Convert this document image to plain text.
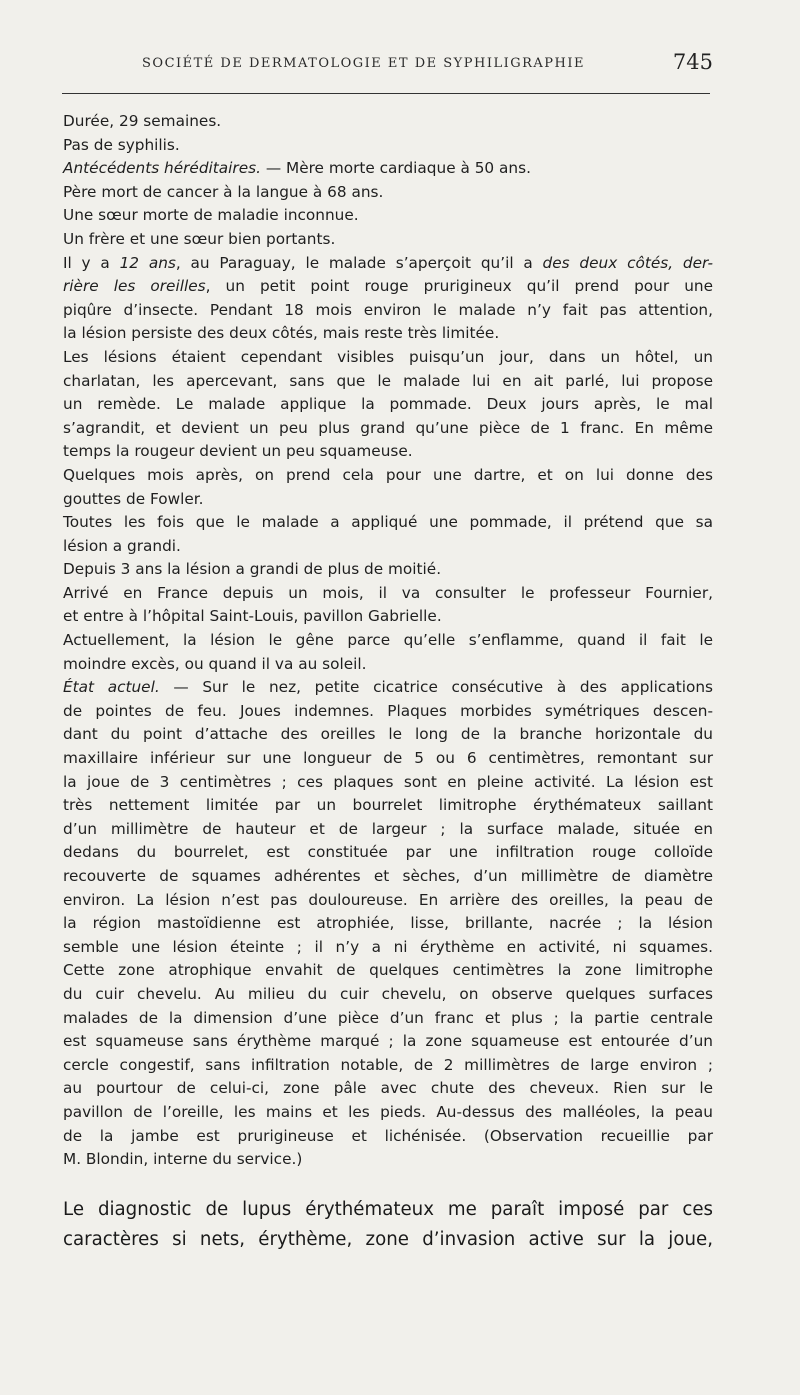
SOCIÉTÉ DE DERMATOLOGIE ET DE SYPHILIGRAPHIE	745
Durée, 29 semaines.
Pas de syphilis.
Antécédents héréditaires. — Mère morte cardiaque à 50 ans.
Père mort de cancer à la langue à 68 ans.
Une sœur morte de maladie inconnue.
Un frère et une sœur bien portants.
Il y a 12 ans, au Paraguay, le malade s’aperçoit qu’il a des deux côtés, der-
rière les oreilles, un petit point rouge prurigineux qu’il prend pour une
piqûre d’insecte. Pendant 18 mois environ le malade n’y fait pas attention,
la lésion persiste des deux côtés, mais reste très limitée.
Les lésions étaient cependant visibles puisqu’un jour, dans un hôtel, un
charlatan, les apercevant, sans que le malade lui en ait parlé, lui propose
un remède. Le malade applique la pommade. Deux jours après, le mal
s’agrandit, et devient un peu plus grand qu’une pièce de 1 franc. En même
temps la rougeur devient un peu squameuse.
Quelques mois après, on prend cela pour une dartre, et on lui donne des
gouttes de Fowler.
Toutes les fois que le malade a appliqué une pommade, il prétend que sa
lésion a grandi.
Depuis 3 ans la lésion a grandi de plus de moitié.
Arrivé en France depuis un mois, il va consulter le professeur Fournier,
et entre à l’hôpital Saint-Louis, pavillon Gabrielle.
Actuellement, la lésion le gêne parce qu’elle s’enflamme, quand il fait le
moindre excès, ou quand il va au soleil.
État actuel. — Sur le nez, petite cicatrice consécutive à des applications
de pointes de feu. Joues indemnes. Plaques morbides symétriques descen-
dant du point d’attache des oreilles le long de la branche horizontale du
maxillaire inférieur sur une longueur de 5 ou 6 centimètres, remontant sur
la joue de 3 centimètres ; ces plaques sont en pleine activité. La lésion est
très nettement limitée par un bourrelet limitrophe érythémateux saillant
d’un millimètre de hauteur et de largeur ; la surface malade, située en
dedans du bourrelet, est constituée par une infiltration rouge colloïde
recouverte de squames adhérentes et sèches, d’un millimètre de diamètre
environ. La lésion n’est pas douloureuse. En arrière des oreilles, la peau de
la région mastoïdienne est atrophiée, lisse, brillante, nacrée ; la lésion
semble une lésion éteinte ; il n’y a ni érythème en activité, ni squames.
Cette zone atrophique envahit de quelques centimètres la zone limitrophe
du cuir chevelu. Au milieu du cuir chevelu, on observe quelques surfaces
malades de la dimension d’une pièce d’un franc et plus ; la partie centrale
est squameuse sans érythème marqué ; la zone squameuse est entourée d’un
cercle congestif, sans infiltration notable, de 2 millimètres de large environ ;
au pourtour de celui-ci, zone pâle avec chute des cheveux. Rien sur le
pavillon de l’oreille, les mains et les pieds. Au-dessus des malléoles, la peau
de la jambe est prurigineuse et lichénisée. (Observation recueillie par
M. Blondin, interne du service.)
Le diagnostic de lupus érythémateux me paraît imposé par ces
caractères si nets, érythème, zone d’invasion active sur la joue,
